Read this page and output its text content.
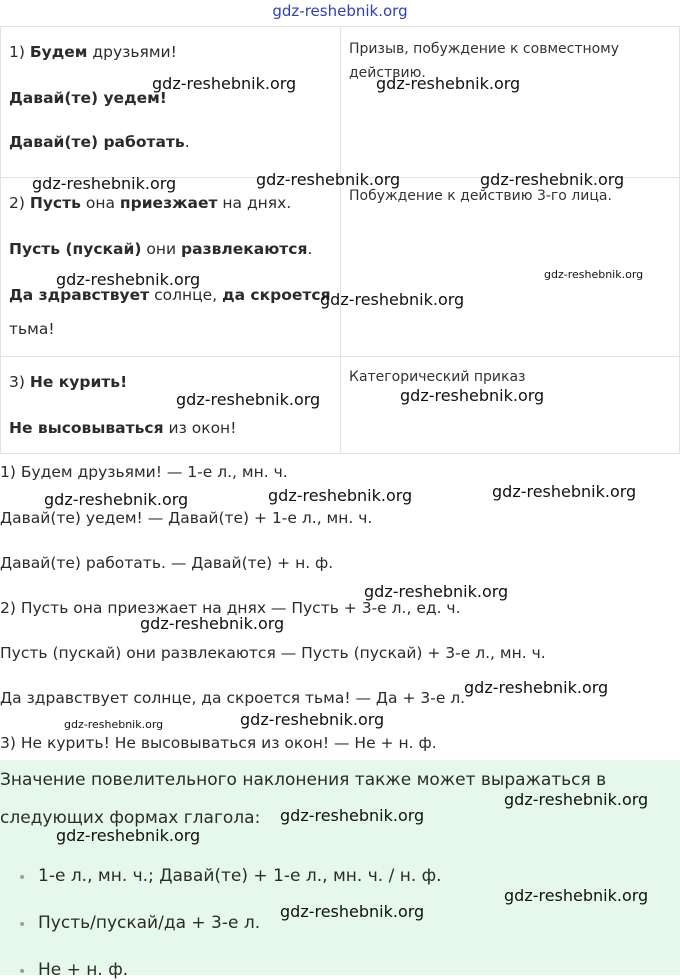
gdz-reshebnik.org
1) Будем друзьями!
Давай(те) уедем!
Давай(те) работать.	Призыв, побуждение к совместному действию.

2) Пусть она приезжает на днях.
Пусть (пускай) они развлекаются.
Да здравствует солнце, да скроется
тьма!	Побуждение к действию 3-го лица.

3) Не курить!
Не высовываться из окон!	Категорический приказ
1) Будем друзьями! — 1-е л., мн. ч.
Давай(те) уедем! — Давай(те) + 1-е л., мн. ч.
Давай(те) работать. — Давай(те) + н. ф.
2) Пусть она приезжает на днях — Пусть + 3-е л., ед. ч.
Пусть (пускай) они развлекаются — Пусть (пускай) + 3-е л., мн. ч.
Да здравствует солнце, да скроется тьма! — Да + 3-е л.
3) Не курить! Не высовываться из окон! — Не + н. ф.
Значение повелительного наклонения также может выражаться в
следующих формах глагола:
• 1-е л., мн. ч.; Давай(те) + 1-е л., мн. ч. / н. ф.
• Пусть/пускай/да + 3-е л.
• Не + н. ф.
gdz-reshebnik.org	gdz-reshebnik.org
gdz-reshebnik.org	gdz-reshebnik.org	gdz-reshebnik.org
gdz-reshebnik.org	gdz-reshebnik.org
gdz-reshebnik.org
gdz-reshebnik.org	gdz-reshebnik.org
gdz-reshebnik.org	gdz-reshebnik.org	gdz-reshebnik.org
gdz-reshebnik.org
gdz-reshebnik.org
gdz-reshebnik.org
gdz-reshebnik.org	gdz-reshebnik.org
gdz-reshebnik.org
gdz-reshebnik.org
gdz-reshebnik.org
gdz-reshebnik.org
gdz-reshebnik.org
